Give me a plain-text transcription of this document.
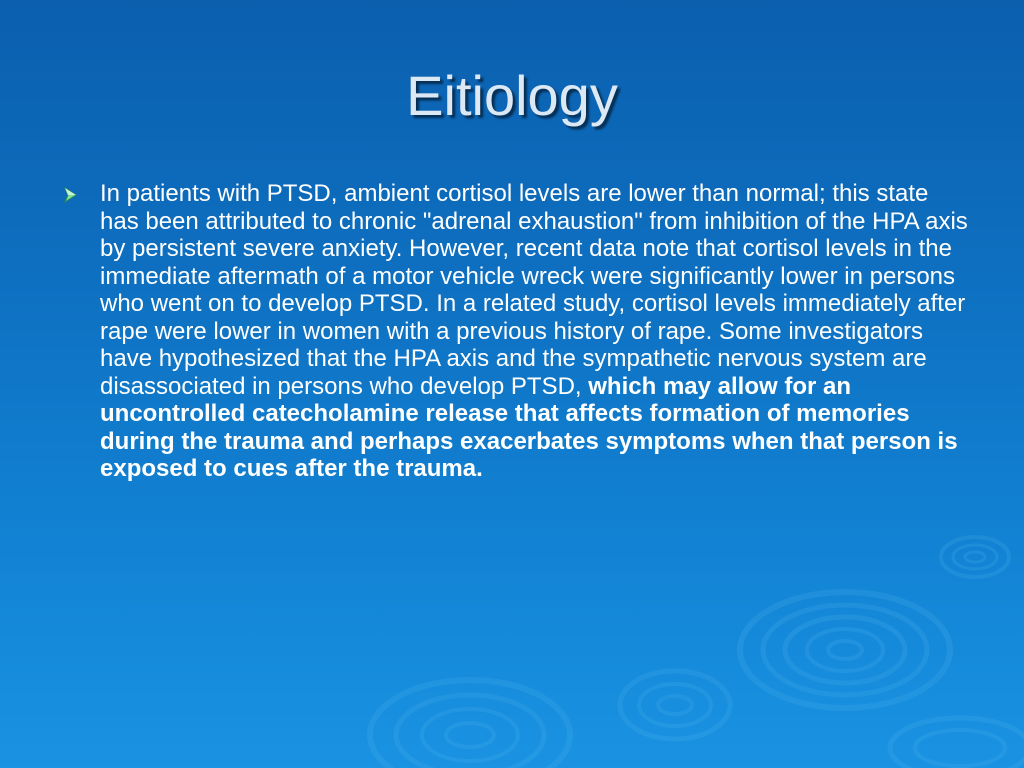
Eitiology

In patients with PTSD, ambient cortisol levels are lower than normal; this state has been attributed to chronic "adrenal exhaustion" from inhibition of the HPA axis by persistent severe anxiety. However, recent data note that cortisol levels in the immediate aftermath of a motor vehicle wreck were significantly lower in persons who went on to develop PTSD. In a related study, cortisol levels immediately after rape were lower in women with a previous history of rape. Some investigators have hypothesized that the HPA axis and the sympathetic nervous system are disassociated in persons who develop PTSD, which may allow for an uncontrolled catecholamine release that affects formation of memories during the trauma and perhaps exacerbates symptoms when that person is exposed to cues after the trauma.
